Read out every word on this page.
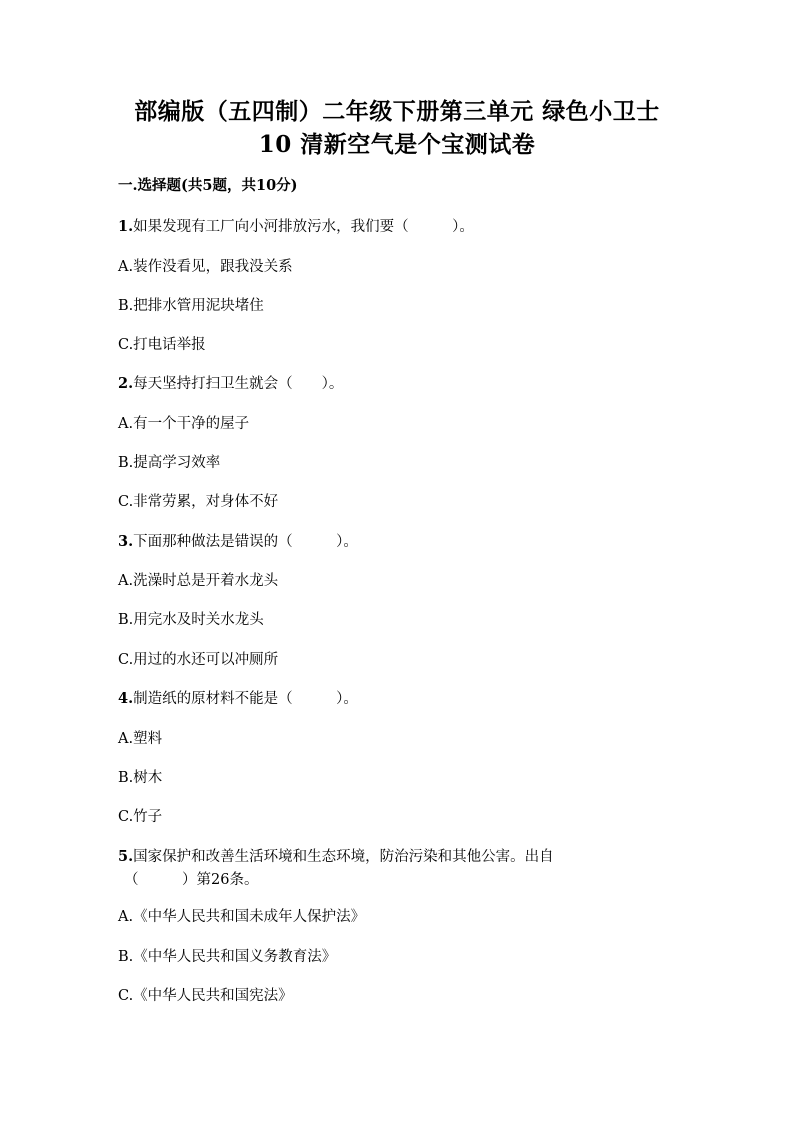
部编版（五四制）二年级下册第三单元 绿色小卫士
10 清新空气是个宝测试卷
一.选择题(共5题，共10分)
1.如果发现有工厂向小河排放污水，我们要（　　　）。
A.装作没看见，跟我没关系
B.把排水管用泥块堵住
C.打电话举报
2.每天坚持打扫卫生就会（　　）。
A.有一个干净的屋子
B.提高学习效率
C.非常劳累，对身体不好
3.下面那种做法是错误的（　　　）。
A.洗澡时总是开着水龙头
B.用完水及时关水龙头
C.用过的水还可以冲厕所
4.制造纸的原材料不能是（　　　）。
A.塑料
B.树木
C.竹子
5.国家保护和改善生活环境和生态环境，防治污染和其他公害。出自
（　　　）第26条。
A.《中华人民共和国未成年人保护法》
B.《中华人民共和国义务教育法》
C.《中华人民共和国宪法》
